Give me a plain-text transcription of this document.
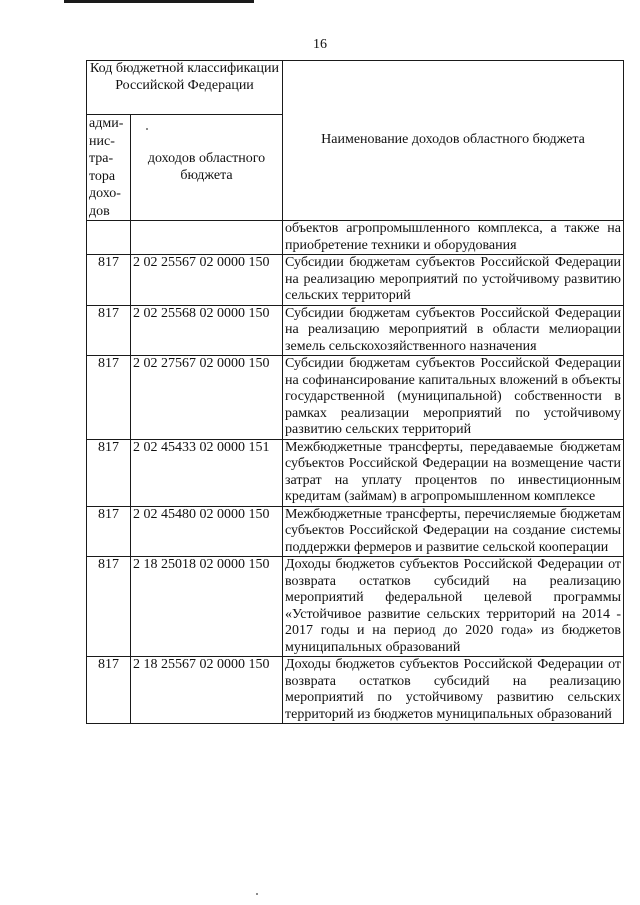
16
Код бюджетной классификации Российской Федерации		Наименование доходов областного бюджета
адми-нис-тра-тора дохо-дов	доходов областного бюджета	
		объектов агропромышленного комплекса, а также на приобретение техники и оборудования
817	2 02 25567 02 0000 150	Субсидии бюджетам субъектов Российской Федерации на реализацию мероприятий по устойчивому развитию сельских территорий
817	2 02 25568 02 0000 150	Субсидии бюджетам субъектов Российской Федерации на реализацию мероприятий в области мелиорации земель сельскохозяйственного назначения
817	2 02 27567 02 0000 150	Субсидии бюджетам субъектов Российской Федерации на софинансирование капитальных вложений в объекты государственной (муниципальной) собственности в рамках реализации мероприятий по устойчивому развитию сельских территорий
817	2 02 45433 02 0000 151	Межбюджетные трансферты, передаваемые бюджетам субъектов Российской Федерации на возмещение части затрат на уплату процентов по инвестиционным кредитам (займам) в агропромышленном комплексе
817	2 02 45480 02 0000 150	Межбюджетные трансферты, перечисляемые бюджетам субъектов Российской Федерации на создание системы поддержки фермеров и развитие сельской кооперации
817	2 18 25018 02 0000 150	Доходы бюджетов субъектов Российской Федерации от возврата остатков субсидий на реализацию мероприятий федеральной целевой программы «Устойчивое развитие сельских территорий на 2014 - 2017 годы и на период до 2020 года» из бюджетов муниципальных образований
817	2 18 25567 02 0000 150	Доходы бюджетов субъектов Российской Федерации от возврата остатков субсидий на реализацию мероприятий по устойчивому развитию сельских территорий из бюджетов муниципальных образований
